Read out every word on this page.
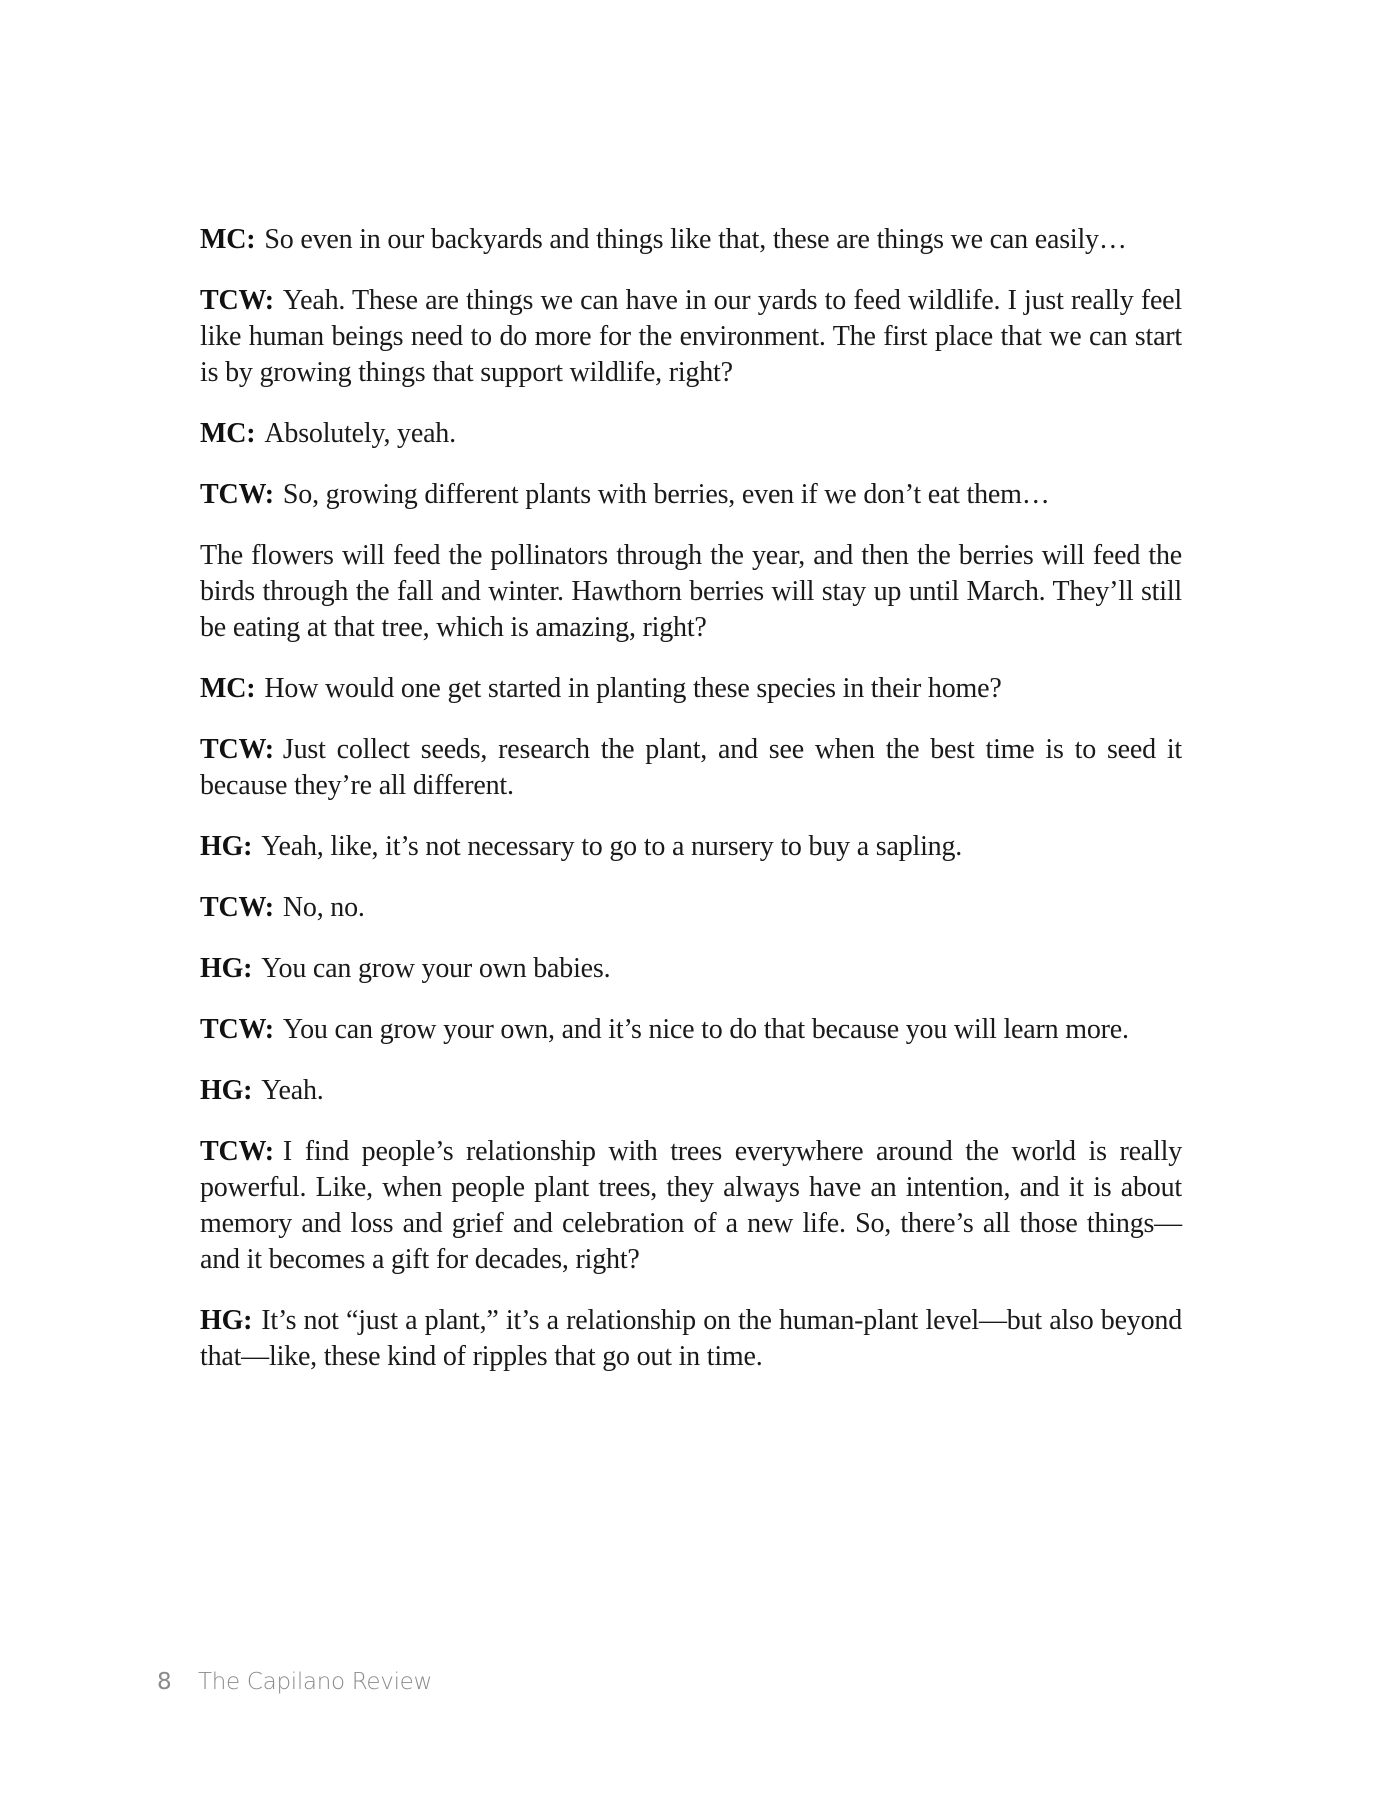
MC: So even in our backyards and things like that, these are things we can easily…

TCW: Yeah. These are things we can have in our yards to feed wildlife. I just really feel like human beings need to do more for the environment. The first place that we can start is by growing things that support wildlife, right?

MC: Absolutely, yeah.

TCW: So, growing different plants with berries, even if we don’t eat them…

The flowers will feed the pollinators through the year, and then the berries will feed the birds through the fall and winter. Hawthorn berries will stay up until March. They’ll still be eating at that tree, which is amazing, right?

MC: How would one get started in planting these species in their home?

TCW: Just collect seeds, research the plant, and see when the best time is to seed it because they’re all different.

HG: Yeah, like, it’s not necessary to go to a nursery to buy a sapling.

TCW: No, no.

HG: You can grow your own babies.

TCW: You can grow your own, and it’s nice to do that because you will learn more.

HG: Yeah.

TCW: I find people’s relationship with trees everywhere around the world is really powerful. Like, when people plant trees, they always have an intention, and it is about memory and loss and grief and celebration of a new life. So, there’s all those things—and it becomes a gift for decades, right?

HG: It’s not “just a plant,” it’s a relationship on the human-plant level—but also beyond that—like, these kind of ripples that go out in time.

8 The Capilano Review
